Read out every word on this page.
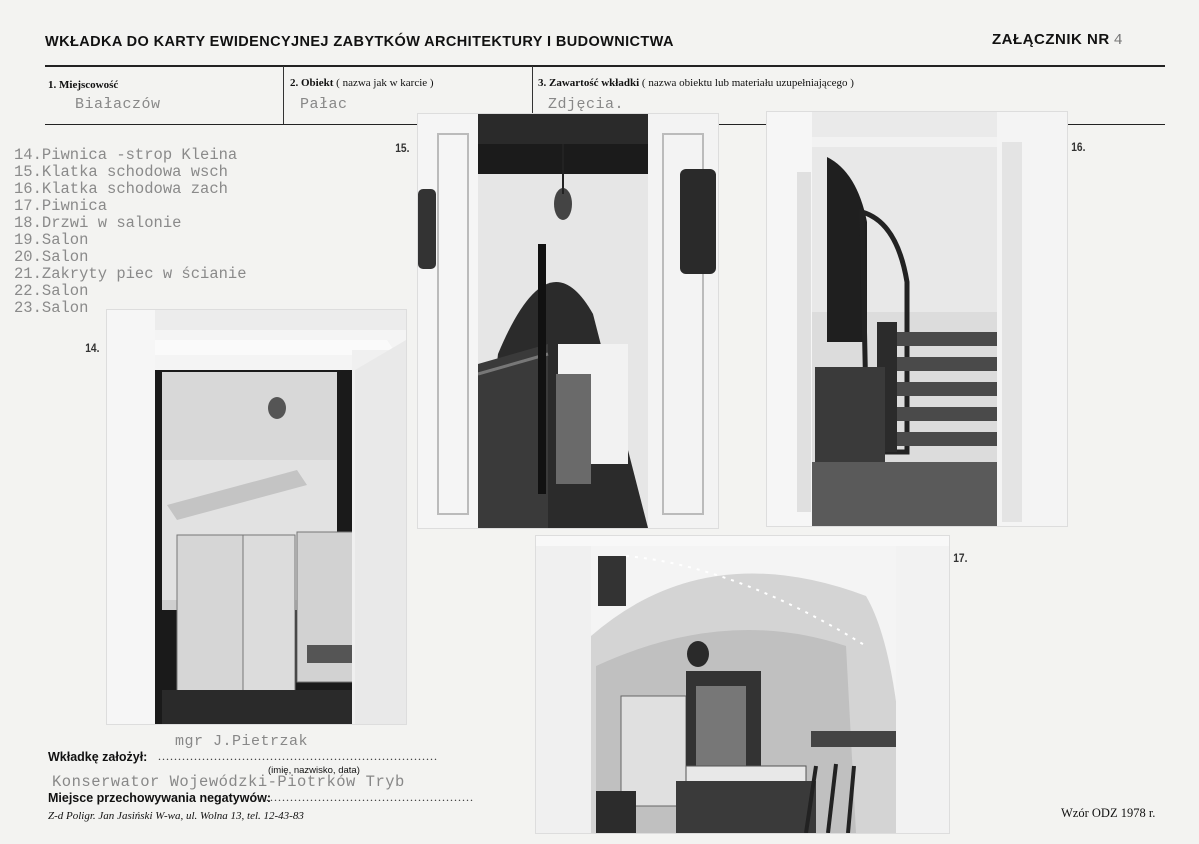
WKŁADKA DO KARTY EWIDENCYJNEJ ZABYTKÓW ARCHITEKTURY I BUDOWNICTWA	ZAŁĄCZNIK NR 4
1. Miejscowość
Białaczów
2. Obiekt ( nazwa jak w karcie )
Pałac
3. Zawartość wkładki ( nazwa obiektu lub materiału uzupełniającego )
Zdjęcia.
14.Piwnica -strop Kleina
15.Klatka schodowa wsch
16.Klatka schodowa zach
17.Piwnica
18.Drzwi w salonie
19.Salon
20.Salon
21.Zakryty piec w ścianie
22.Salon
23.Salon
14.
15.	16.
17.
mgr J.Pietrzak
Wkładkę założył: ......................................................................
(imię, nazwisko, data)
Konserwator Wojewódzki-Piotrków Tryb
Miejsce przechowywania negatywów:
......................................................
Z-d Poligr. Jan Jasiński W-wa, ul. Wolna 13, tel. 12-43-83	Wzór ODZ 1978 r.
